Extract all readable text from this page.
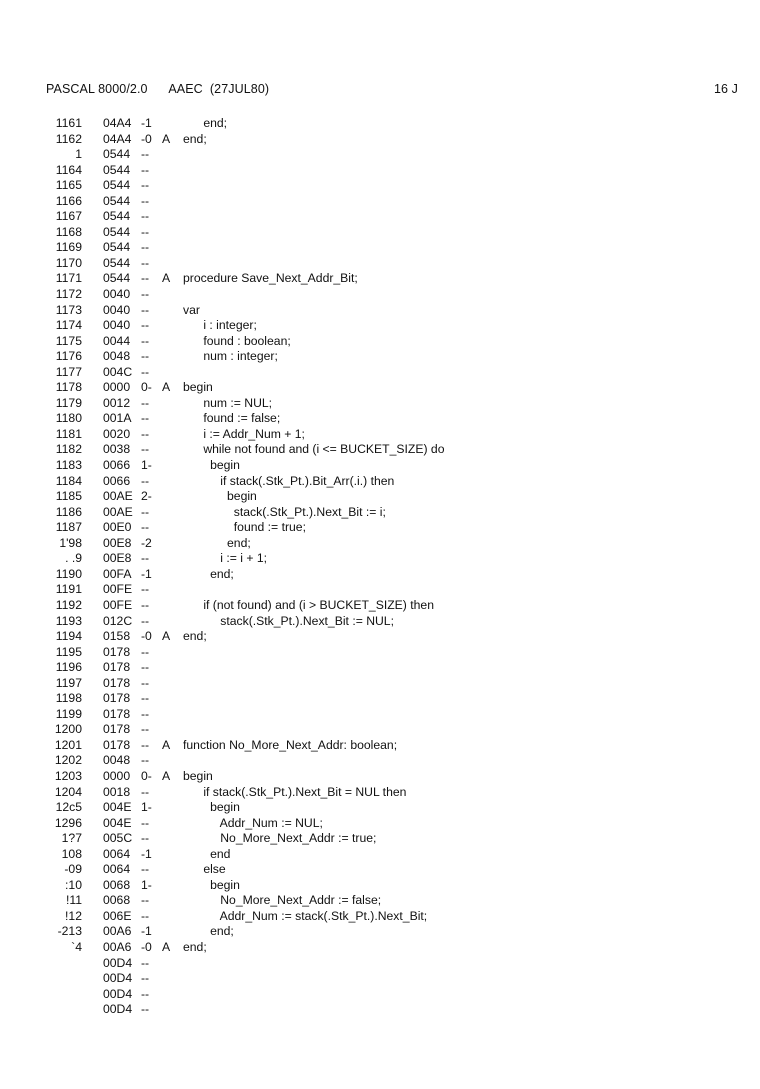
PASCAL 8000/2.0      AAEC  (27JUL80)	16 J
1161 04A4 -1	end;
1162 04A4 -0 A end;
1 0544 --
1164 0544 --
1165 0544 --
1166 0544 --
1167 0544 --
1168 0544 --
1169 0544 --
1170 0544 --
1171 0544 -- A procedure Save_Next_Addr_Bit;
1172 0040 --
1173 0040 --	var
1174 0040 --	i : integer;
1175 0044 --	found : boolean;
1176 0048 --	num : integer;
1177 004C --
1178 0000 0- A begin
1179 0012 --	num := NUL;
1180 001A --	found := false;
1181 0020 --	i := Addr_Num + 1;
1182 0038 --	while not found and (i <= BUCKET_SIZE) do
1183 0066 1-	begin
1184 0066 --	if stack(.Stk_Pt.).Bit_Arr(.i.) then
1185 00AE 2-	begin
1186 00AE --	stack(.Stk_Pt.).Next_Bit := i;
1187 00E0 --	found := true;
1'98 00E8 -2	end;
. .9 00E8 --	i := i + 1;
1190 00FA -1	end;
1191 00FE --
1192 00FE --	if (not found) and (i > BUCKET_SIZE) then
1193 012C --	stack(.Stk_Pt.).Next_Bit := NUL;
1194 0158 -0 A end;
1195 0178 --
1196 0178 --
1197 0178 --
1198 0178 --
1199 0178 --
1200 0178 --
1201 0178 -- A function No_More_Next_Addr: boolean;
1202 0048 --
1203 0000 0- A begin
1204 0018 --	if stack(.Stk_Pt.).Next_Bit = NUL then
12c5 004E 1-	begin
1296 004E --	Addr_Num := NUL;
1?7 005C --	No_More_Next_Addr := true;
108 0064 -1	end
-09 0064 --	else
:10 0068 1-	begin
!11 0068 --	No_More_Next_Addr := false;
!12 006E --	Addr_Num := stack(.Stk_Pt.).Next_Bit;
-213 00A6 -1	end;
`4 00A6 -0 A end;
00D4 --
00D4 --
00D4 --
00D4 --
